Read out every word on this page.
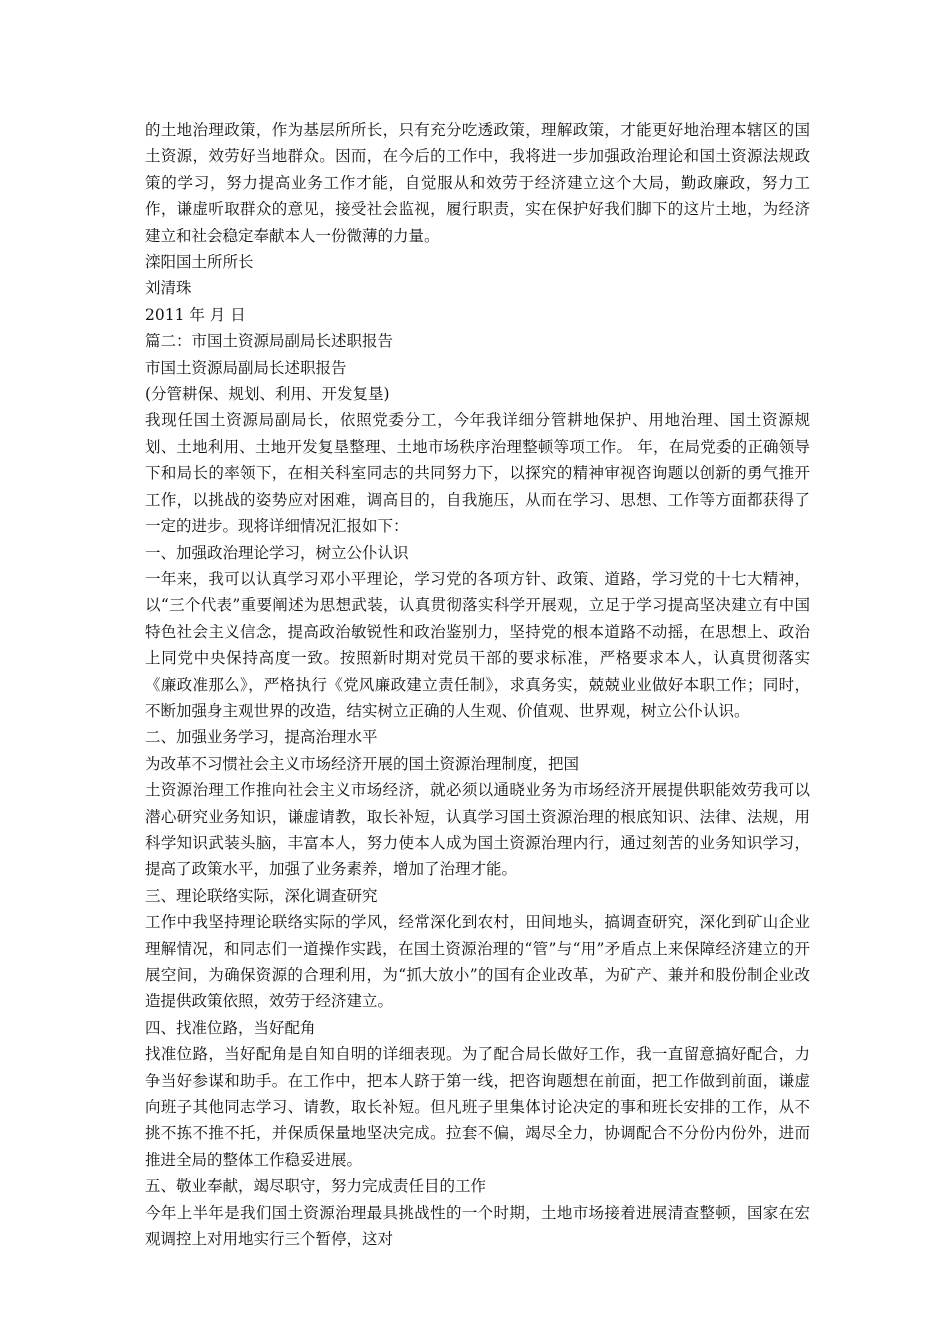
的土地治理政策，作为基层所所长，只有充分吃透政策，理解政策，才能更好地治理本辖区的国土资源，效劳好当地群众。因而，在今后的工作中，我将进一步加强政治理论和国土资源法规政策的学习，努力提高业务工作才能，自觉服从和效劳于经济建立这个大局，勤政廉政，努力工作，谦虚听取群众的意见，接受社会监视，履行职责，实在保护好我们脚下的这片土地，为经济建立和社会稳定奉献本人一份微薄的力量。

滦阳国土所所长

刘清珠

2011 年 月 日

篇二：市国土资源局副局长述职报告

市国土资源局副局长述职报告

(分管耕保、规划、利用、开发复垦)

我现任国土资源局副局长，依照党委分工，今年我详细分管耕地保护、用地治理、国土资源规划、土地利用、土地开发复垦整理、土地市场秩序治理整顿等项工作。 年，在局党委的正确领导下和局长的率领下，在相关科室同志的共同努力下，以探究的精神审视咨询题以创新的勇气推开工作，以挑战的姿势应对困难，调高目的，自我施压，从而在学习、思想、工作等方面都获得了一定的进步。现将详细情况汇报如下：

一、加强政治理论学习，树立公仆认识

一年来，我可以认真学习邓小平理论，学习党的各项方针、政策、道路，学习党的十七大精神，以“三个代表”重要阐述为思想武装，认真贯彻落实科学开展观，立足于学习提高坚决建立有中国特色社会主义信念，提高政治敏锐性和政治鉴别力，坚持党的根本道路不动摇，在思想上、政治上同党中央保持高度一致。按照新时期对党员干部的要求标准，严格要求本人，认真贯彻落实《廉政准那么》，严格执行《党风廉政建立责任制》，求真务实，兢兢业业做好本职工作；同时，不断加强身主观世界的改造，结实树立正确的人生观、价值观、世界观，树立公仆认识。

二、加强业务学习，提高治理水平

为改革不习惯社会主义市场经济开展的国土资源治理制度，把国

土资源治理工作推向社会主义市场经济，就必须以通晓业务为市场经济开展提供职能效劳我可以潜心研究业务知识，谦虚请教，取长补短，认真学习国土资源治理的根底知识、法律、法规，用科学知识武装头脑，丰富本人，努力使本人成为国土资源治理内行，通过刻苦的业务知识学习，提高了政策水平，加强了业务素养，增加了治理才能。

三、理论联络实际，深化调查研究

工作中我坚持理论联络实际的学风，经常深化到农村，田间地头，搞调查研究，深化到矿山企业理解情况，和同志们一道操作实践，在国土资源治理的“管”与“用”矛盾点上来保障经济建立的开展空间，为确保资源的合理利用，为“抓大放小”的国有企业改革，为矿产、兼并和股份制企业改造提供政策依照，效劳于经济建立。

四、找准位路，当好配角

找准位路，当好配角是自知自明的详细表现。为了配合局长做好工作，我一直留意搞好配合，力争当好参谋和助手。在工作中，把本人跻于第一线，把咨询题想在前面，把工作做到前面，谦虚向班子其他同志学习、请教，取长补短。但凡班子里集体讨论决定的事和班长安排的工作，从不挑不拣不推不托，并保质保量地坚决完成。拉套不偏，竭尽全力，协调配合不分份内份外，进而推进全局的整体工作稳妥进展。

五、敬业奉献，竭尽职守，努力完成责任目的工作

今年上半年是我们国土资源治理最具挑战性的一个时期，土地市场接着进展清查整顿，国家在宏观调控上对用地实行三个暂停，这对
